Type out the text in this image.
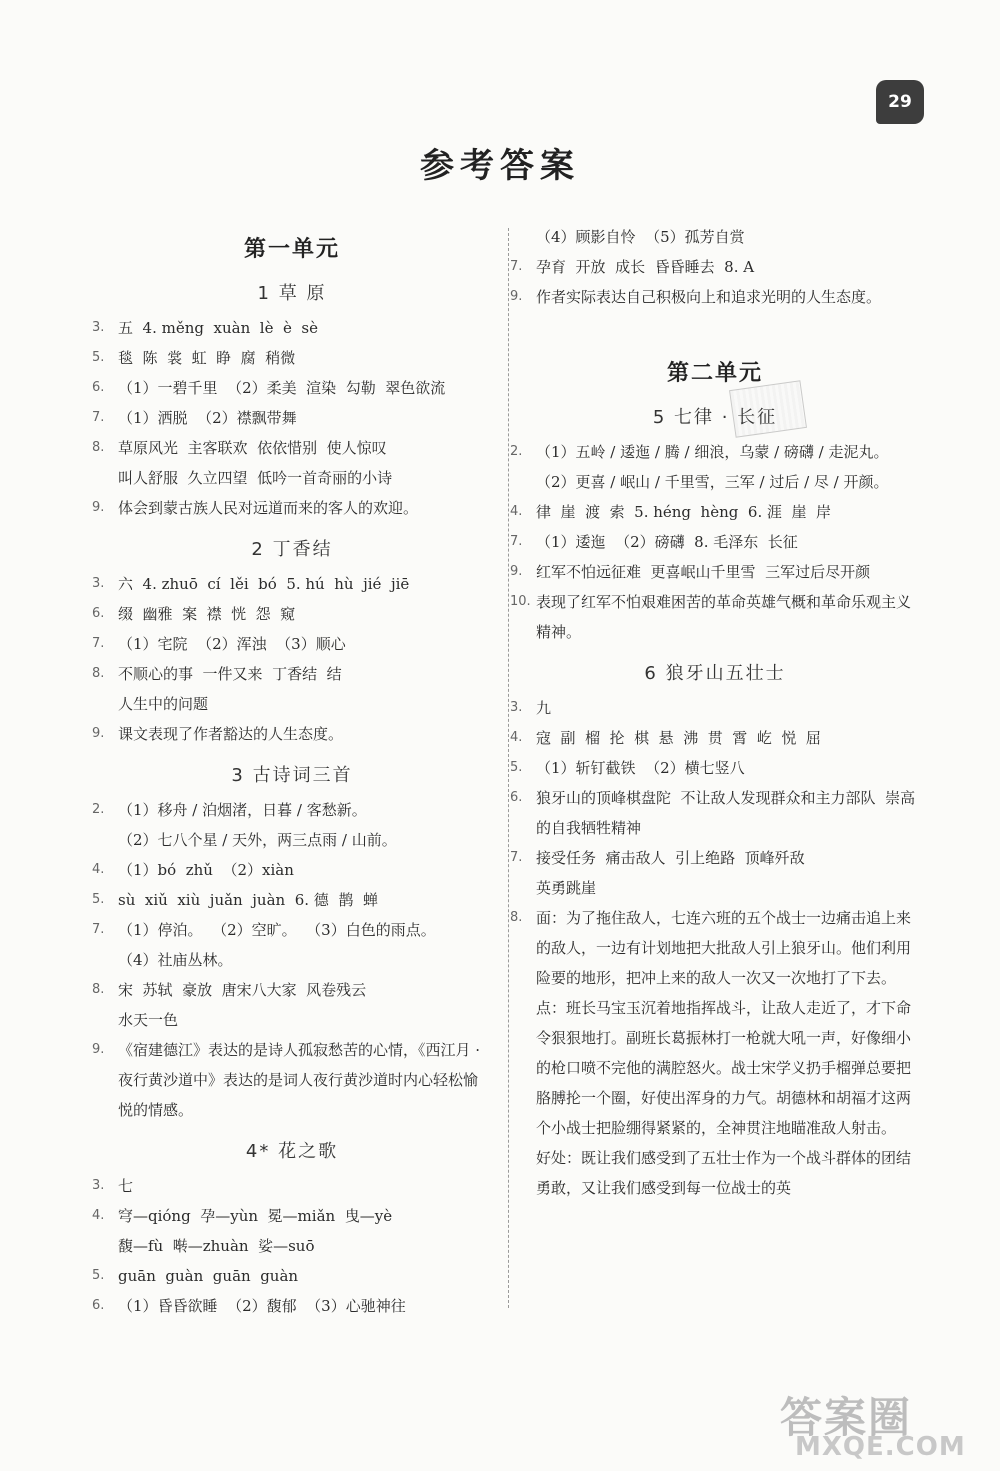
29
参考答案
第一单元
1 草 原
3. 五  4. měng  xuàn  lè  è  sè
5. 毯  陈  裳  虹  睁  腐  稍微
6. （1）一碧千里  （2）柔美  渲染  勾勒  翠色欲流
7. （1）洒脱  （2）襟飘带舞
8. 草原风光  主客联欢  依依惜别  使人惊叹
叫人舒服  久立四望  低吟一首奇丽的小诗
9. 体会到蒙古族人民对远道而来的客人的欢迎。
2 丁香结
3. 六  4. zhuō  cí  lěi  bó  5. hú  hù  jié  jiē
6. 缀  幽雅  案  襟  恍  怨  窥
7. （1）宅院  （2）浑浊  （3）顺心
8. 不顺心的事  一件又来  丁香结  结
人生中的问题
9. 课文表现了作者豁达的人生态度。
3 古诗词三首
2. （1）移舟 / 泊烟渚，日暮 / 客愁新。
（2）七八个星 / 天外，两三点雨 / 山前。
4. （1）bó  zhǔ  （2）xiàn
5. sù  xiǔ  xiù  juǎn  juàn  6. 德  鹊  蝉
7. （1）停泊。  （2）空旷。  （3）白色的雨点。
（4）社庙丛林。
8. 宋  苏轼  豪放  唐宋八大家  风卷残云
水天一色
9. 《宿建德江》表达的是诗人孤寂愁苦的心情，《西江月 · 夜行黄沙道中》表达的是词人夜行黄沙道时内心轻松愉悦的情感。
4* 花之歌
3. 七
4. 穹—qióng  孕—yùn  冕—miǎn  曳—yè
馥—fù  啭—zhuàn  娑—suō
5. guān  guàn  guān  guàn
6. （1）昏昏欲睡  （2）馥郁  （3）心驰神往
（4）顾影自怜  （5）孤芳自赏
7. 孕育  开放  成长  昏昏睡去  8. A
9. 作者实际表达自己积极向上和追求光明的人生态度。
第二单元
5 七律 · 长征
2. （1）五岭 / 逶迤 / 腾 / 细浪，乌蒙 / 磅礴 / 走泥丸。
（2）更喜 / 岷山 / 千里雪，三军 / 过后 / 尽 / 开颜。
4. 律  崖  渡  索  5. héng  hèng  6. 涯  崖  岸
7. （1）逶迤  （2）磅礴  8. 毛泽东  长征
9. 红军不怕远征难  更喜岷山千里雪  三军过后尽开颜
10. 表现了红军不怕艰难困苦的革命英雄气概和革命乐观主义精神。
6 狼牙山五壮士
3. 九
4. 寇  副  榴  抡  棋  悬  沸  贯  霄  屹  悦  屈
5. （1）斩钉截铁  （2）横七竖八
6. 狼牙山的顶峰棋盘陀  不让敌人发现群众和主力部队  崇高的自我牺牲精神
7. 接受任务  痛击敌人  引上绝路  顶峰歼敌
英勇跳崖
8. 面：为了拖住敌人，七连六班的五个战士一边痛击追上来的敌人，一边有计划地把大批敌人引上狼牙山。他们利用险要的地形，把冲上来的敌人一次又一次地打了下去。  点：班长马宝玉沉着地指挥战斗，让敌人走近了，才下命令狠狠地打。副班长葛振林打一枪就大吼一声，好像细小的枪口喷不完他的满腔怒火。战士宋学义扔手榴弹总要把胳膊抡一个圈，好使出浑身的力气。胡德林和胡福才这两个小战士把脸绷得紧紧的，全神贯注地瞄准敌人射击。
好处：既让我们感受到了五壮士作为一个战斗群体的团结勇敢，又让我们感受到每一位战士的英
答案圈
MXQE.COM
